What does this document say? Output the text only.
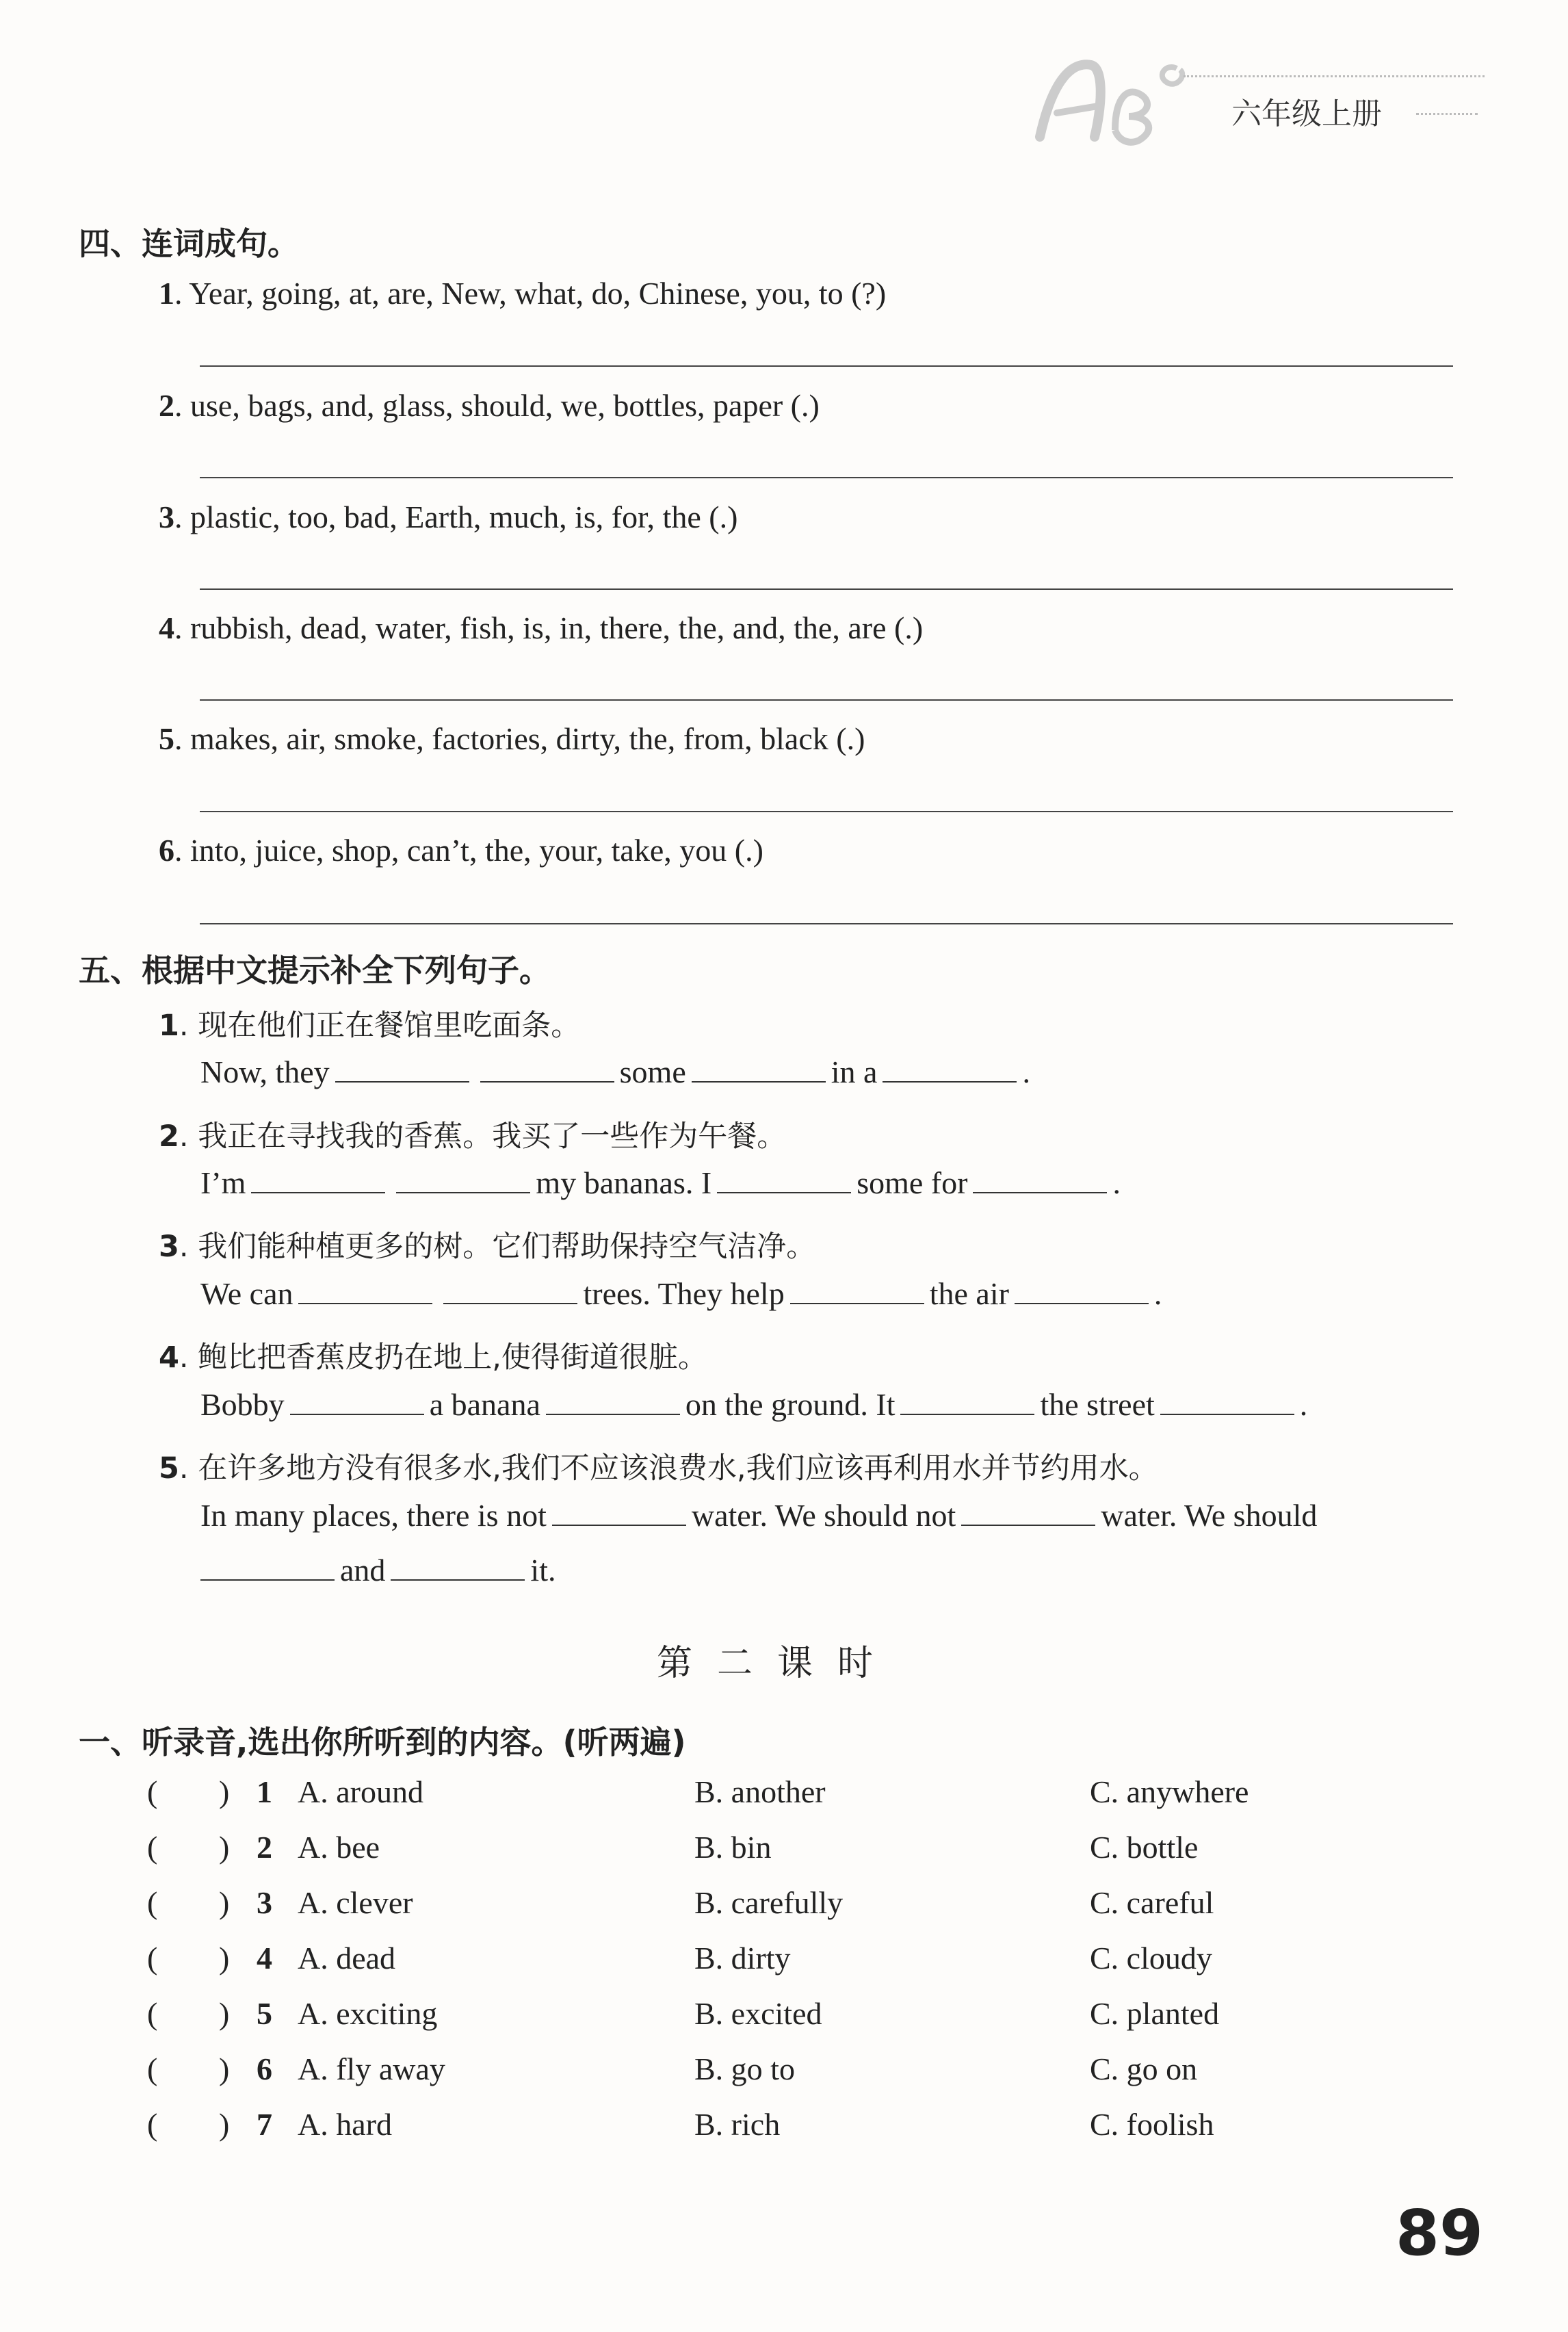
六年级上册
四、连词成句。
1. Year, going, at, are, New, what, do, Chinese, you, to (?)
2. use, bags, and, glass, should, we, bottles, paper (.)
3. plastic, too, bad, Earth, much, is, for, the (.)
4. rubbish, dead, water, fish, is, in, there, the, and, the, are (.)
5. makes, air, smoke, factories, dirty, the, from, black (.)
6. into, juice, shop, can’t, the, your, take, you (.)
五、根据中文提示补全下列句子。
1. 现在他们正在餐馆里吃面条。
Now, they	some	in a	.
2. 我正在寻找我的香蕉。我买了一些作为午餐。
I’m	my bananas. I	some for	.
3. 我们能种植更多的树。它们帮助保持空气洁净。
We can	trees. They help	the air	.
4. 鲍比把香蕉皮扔在地上,使得街道很脏。
Bobby	a banana	on the ground. It	the street	.
5. 在许多地方没有很多水,我们不应该浪费水,我们应该再利用水并节约用水。
In many places, there is not	water. We should not	water. We should
and	it.
第二课时
一、听录音,选出你所听到的内容。(听两遍)
( ) 1 A. around	B. another	C. anywhere
( ) 2 A. bee	B. bin	C. bottle
( ) 3 A. clever	B. carefully	C. careful
( ) 4 A. dead	B. dirty	C. cloudy
( ) 5 A. exciting	B. excited	C. planted
( ) 6 A. fly away	B. go to	C. go on
( ) 7 A. hard	B. rich	C. foolish
89
